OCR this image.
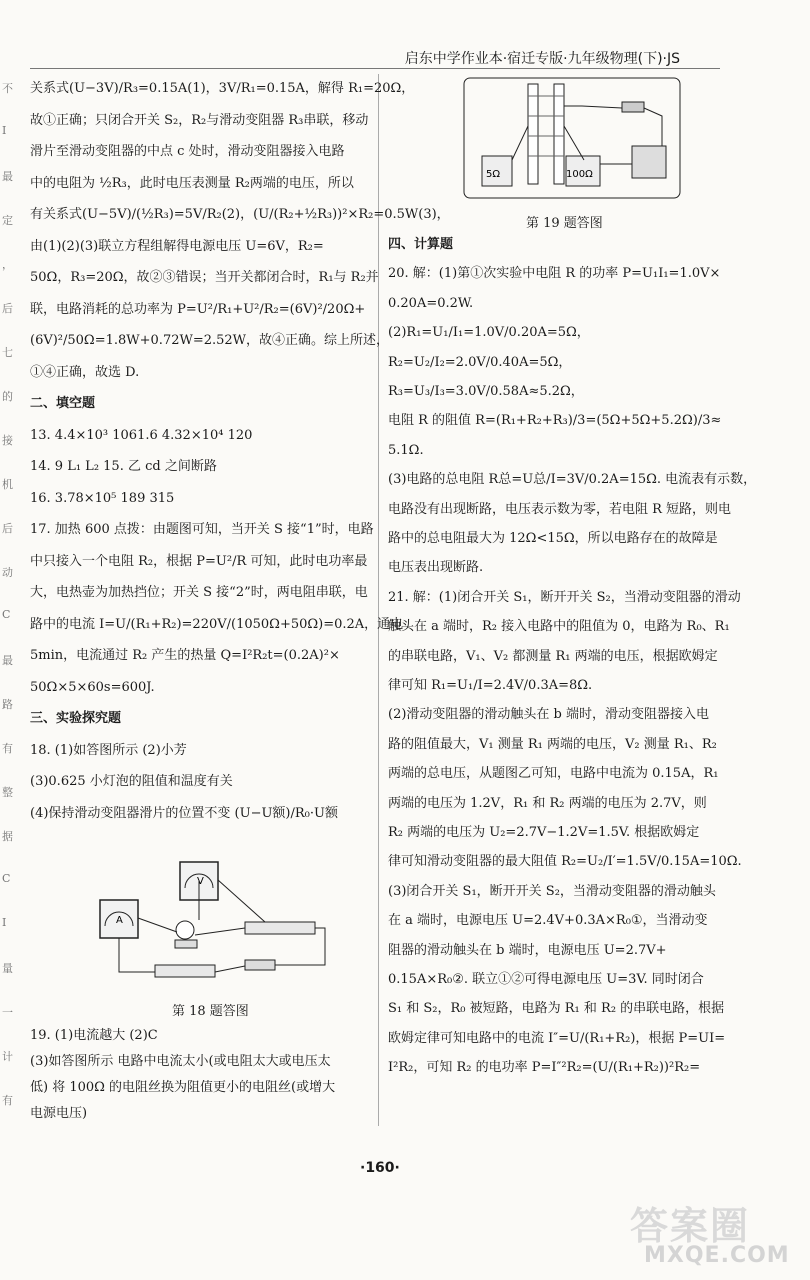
启东中学作业本·宿迁专版·九年级物理(下)·JS
不
I
最
定
，
后
七
的
接
机
后
动
C
最
路
有
整
据
C
I
量
一
计
有

关系式(U−3V)/R₃=0.15A(1)，3V/R₁=0.15A，解得 R₁=20Ω，

故①正确；只闭合开关 S₂，R₂与滑动变阻器 R₃串联，移动

滑片至滑动变阻器的中点 c 处时，滑动变阻器接入电路

中的电阻为 ½R₃，此时电压表测量 R₂两端的电压，所以

有关系式(U−5V)/(½R₃)=5V/R₂(2)，(U/(R₂+½R₃))²×R₂=0.5W(3)，

由(1)(2)(3)联立方程组解得电源电压 U=6V，R₂=

50Ω，R₃=20Ω，故②③错误；当开关都闭合时，R₁与 R₂并

联，电路消耗的总功率为 P=U²/R₁+U²/R₂=(6V)²/20Ω+

(6V)²/50Ω=1.8W+0.72W=2.52W，故④正确。综上所述，

①④正确，故选 D.

二、填空题

13. 4.4×10³ 1061.6 4.32×10⁴ 120

14. 9 L₁ L₂ 15. 乙 cd 之间断路

16. 3.78×10⁵ 189 315

17. 加热 600 点拨：由题图可知，当开关 S 接“1”时，电路

中只接入一个电阻 R₂，根据 P=U²/R 可知，此时电功率最

大，电热壶为加热挡位；开关 S 接“2”时，两电阻串联，电

路中的电流 I=U/(R₁+R₂)=220V/(1050Ω+50Ω)=0.2A，通电

5min，电流通过 R₂ 产生的热量 Q=I²R₂t=(0.2A)²×

50Ω×5×60s=600J.

三、实验探究题

18. (1)如答图所示 (2)小芳

(3)0.625 小灯泡的阻值和温度有关

(4)保持滑动变阻器滑片的位置不变 (U−U额)/R₀·U额

V
A
第 18 题答图

19. (1)电流越大 (2)C

(3)如答图所示 电路中电流太小(或电阻太大或电压太

低) 将 100Ω 的电阻丝换为阻值更小的电阻丝(或增大

电源电压)

5Ω	100Ω
第 19 题答图

四、计算题

20. 解：(1)第①次实验中电阻 R 的功率 P=U₁I₁=1.0V×

0.20A=0.2W.

(2)R₁=U₁/I₁=1.0V/0.20A=5Ω，

R₂=U₂/I₂=2.0V/0.40A=5Ω，

R₃=U₃/I₃=3.0V/0.58A≈5.2Ω，

电阻 R 的阻值 R=(R₁+R₂+R₃)/3=(5Ω+5Ω+5.2Ω)/3≈

5.1Ω.

(3)电路的总电阻 R总=U总/I=3V/0.2A=15Ω. 电流表有示数，

电路没有出现断路，电压表示数为零，若电阻 R 短路，则电

路中的总电阻最大为 12Ω<15Ω，所以电路存在的故障是

电压表出现断路.

21. 解：(1)闭合开关 S₁，断开开关 S₂，当滑动变阻器的滑动

触头在 a 端时，R₂ 接入电路中的阻值为 0，电路为 R₀、R₁

的串联电路，V₁、V₂ 都测量 R₁ 两端的电压，根据欧姆定

律可知 R₁=U₁/I=2.4V/0.3A=8Ω.

(2)滑动变阻器的滑动触头在 b 端时，滑动变阻器接入电

路的阻值最大，V₁ 测量 R₁ 两端的电压，V₂ 测量 R₁、R₂

两端的总电压，从题图乙可知，电路中电流为 0.15A，R₁

两端的电压为 1.2V，R₁ 和 R₂ 两端的电压为 2.7V，则

R₂ 两端的电压为 U₂=2.7V−1.2V=1.5V. 根据欧姆定

律可知滑动变阻器的最大阻值 R₂=U₂/I′=1.5V/0.15A=10Ω.

(3)闭合开关 S₁，断开开关 S₂，当滑动变阻器的滑动触头

在 a 端时，电源电压 U=2.4V+0.3A×R₀①，当滑动变

阻器的滑动触头在 b 端时，电源电压 U=2.7V+

0.15A×R₀②. 联立①②可得电源电压 U=3V. 同时闭合

S₁ 和 S₂，R₀ 被短路，电路为 R₁ 和 R₂ 的串联电路，根据

欧姆定律可知电路中的电流 I″=U/(R₁+R₂)，根据 P=UI=

I²R₂，可知 R₂ 的电功率 P=I″²R₂=(U/(R₁+R₂))²R₂=

·160·
答案圈
MXQE.COM
